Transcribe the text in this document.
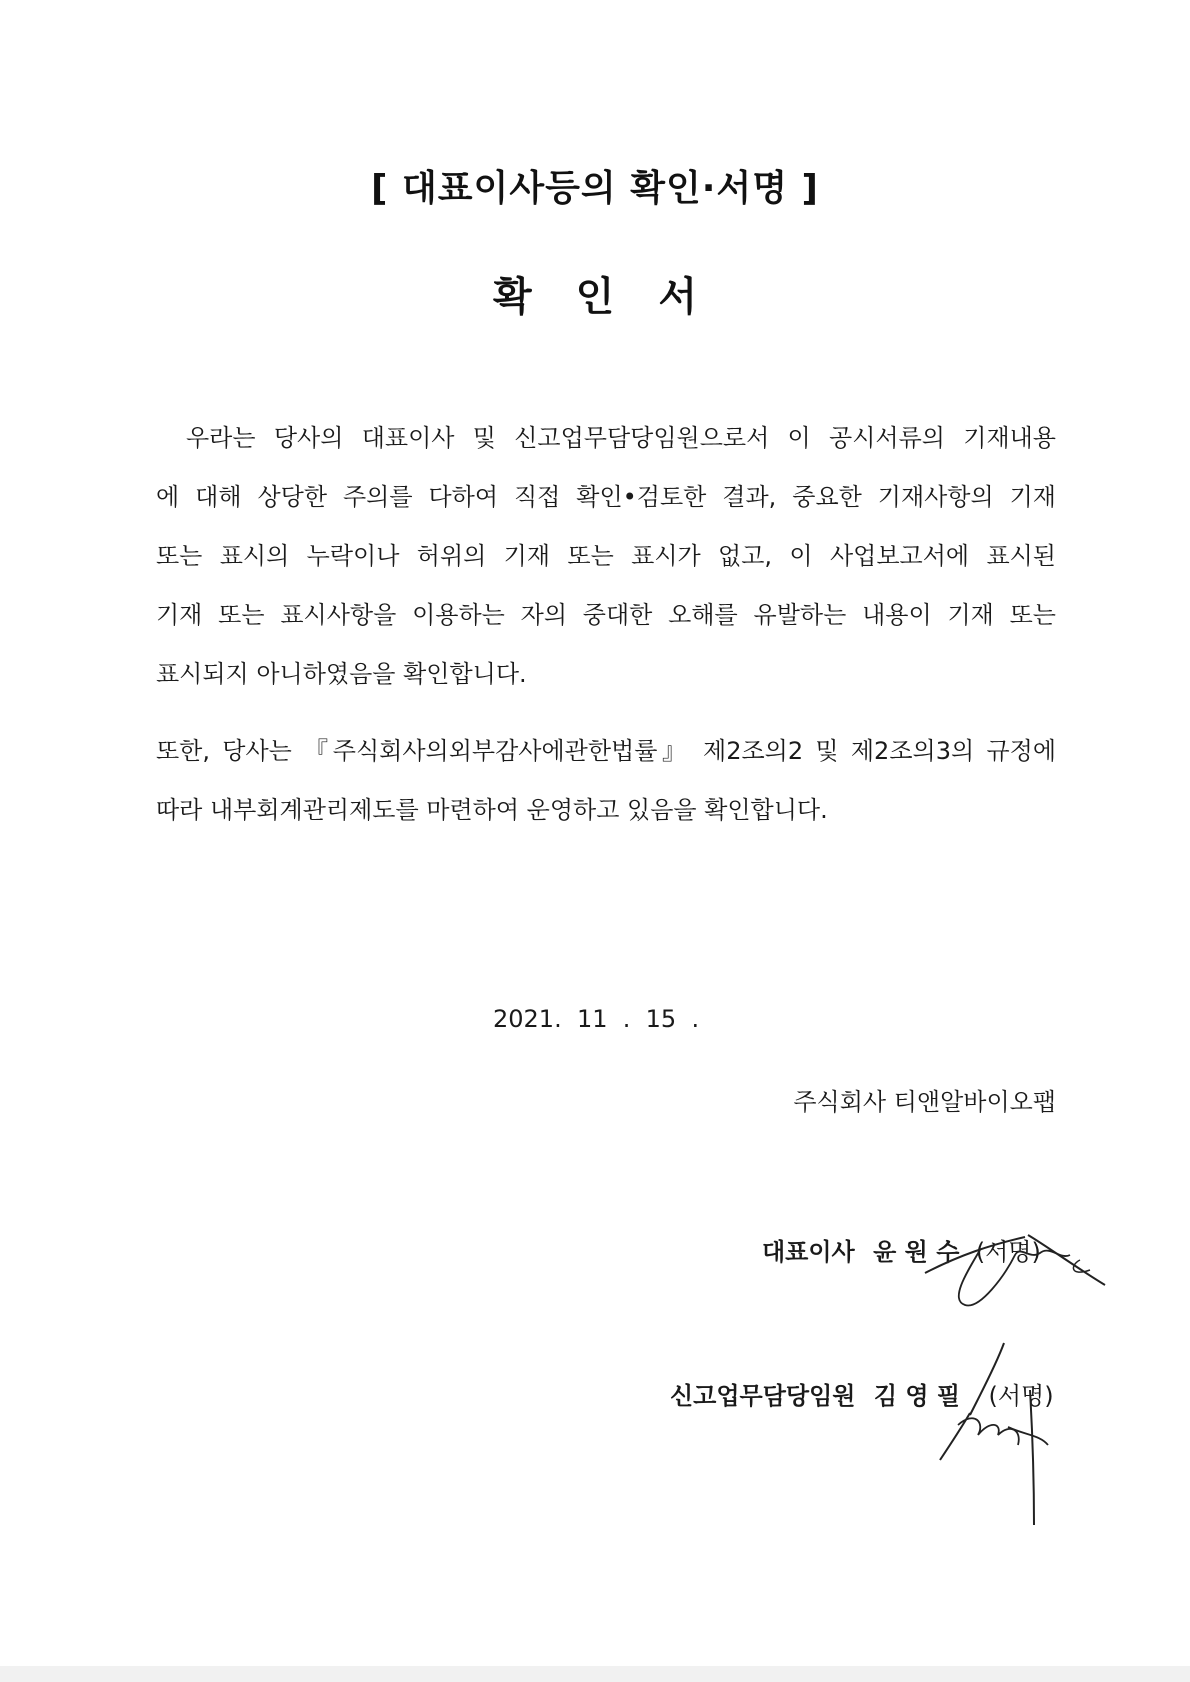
[ 대표이사등의 확인·서명 ]
확 인 서
우라는 당사의 대표이사 및 신고업무담당임원으로서 이 공시서류의 기재내용
에 대해 상당한 주의를 다하여 직접 확인•검토한 결과, 중요한 기재사항의 기재
또는 표시의 누락이나 허위의 기재 또는 표시가 없고, 이 사업보고서에 표시된
기재 또는 표시사항을 이용하는 자의 중대한 오해를 유발하는 내용이 기재 또는
표시되지 아니하였음을 확인합니다.
또한, 당사는 『주식회사의외부감사에관한법률』 제2조의2 및 제2조의3의 규정에
따라 내부회계관리제도를 마련하여 운영하고 있음을 확인합니다.
2021.  11  .  15  .
주식회사 티앤알바이오팹
대표이사 윤 원 수 (서명)
신고업무담당임원 김 영 필 (서명)
